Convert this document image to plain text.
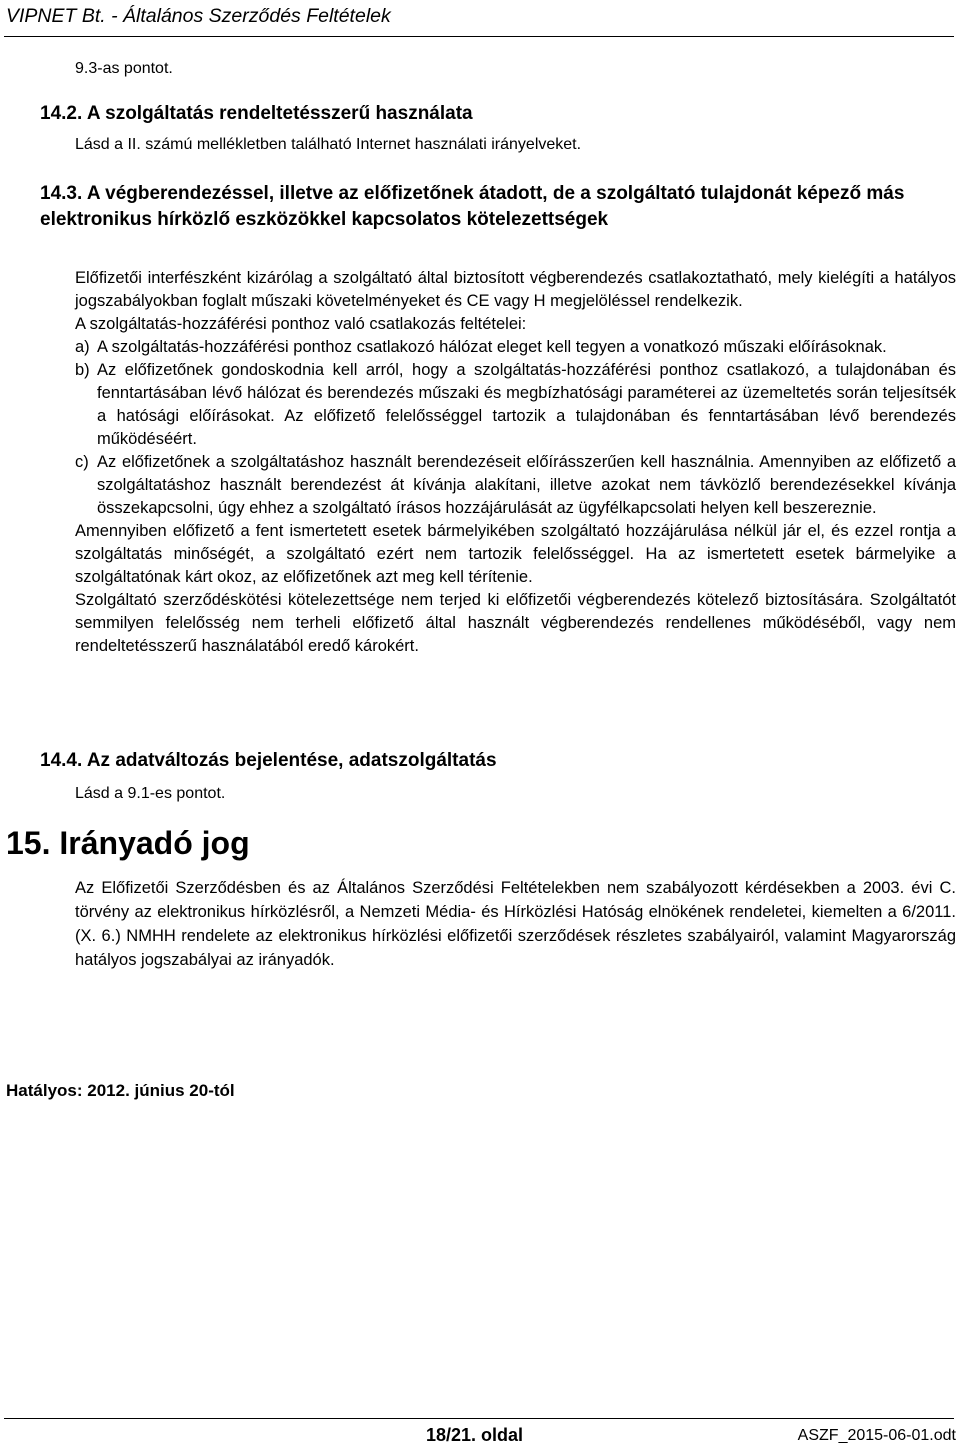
VIPNET Bt. - Általános Szerződés Feltételek
9.3-as pontot.
14.2. A szolgáltatás rendeltetésszerű használata
Lásd a II. számú mellékletben található Internet használati irányelveket.
14.3. A végberendezéssel, illetve az előfizetőnek átadott, de a szolgáltató tulajdonát képező más elektronikus hírközlő eszközökkel kapcsolatos kötelezettségek

Előfizetői interfészként kizárólag a szolgáltató által biztosított végberendezés csatlakoztatható, mely kielégíti a hatályos jogszabályokban foglalt műszaki követelményeket és CE vagy H megjelöléssel rendelkezik.

A szolgáltatás-hozzáférési ponthoz való csatlakozás feltételei:

a) A szolgáltatás-hozzáférési ponthoz csatlakozó hálózat eleget kell tegyen a vonatkozó műszaki előírásoknak.
b) Az előfizetőnek gondoskodnia kell arról, hogy a szolgáltatás-hozzáférési ponthoz csatlakozó, a tulajdonában és fenntartásában lévő hálózat és berendezés műszaki és megbízhatósági paraméterei az üzemeltetés során teljesítsék a hatósági előírásokat. Az előfizető felelősséggel tartozik a tulajdonában és fenntartásában lévő berendezés működéséért.
c) Az előfizetőnek a szolgáltatáshoz használt berendezéseit előírásszerűen kell használnia. Amennyiben az előfizető a szolgáltatáshoz használt berendezést át kívánja alakítani, illetve azokat nem távközlő berendezésekkel kívánja összekapcsolni, úgy ehhez a szolgáltató írásos hozzájárulását az ügyfélkapcsolati helyen kell beszereznie.

Amennyiben előfizető a fent ismertetett esetek bármelyikében szolgáltató hozzájárulása nélkül jár el, és ezzel rontja a szolgáltatás minőségét, a szolgáltató ezért nem tartozik felelősséggel. Ha az ismertetett esetek bármelyike a szolgáltatónak kárt okoz, az előfizetőnek azt meg kell térítenie.

Szolgáltató szerződéskötési kötelezettsége nem terjed ki előfizetői végberendezés kötelező biztosítására. Szolgáltatót semmilyen felelősség nem terheli előfizető által használt végberendezés rendellenes működéséből, vagy nem rendeltetésszerű használatából eredő károkért.

14.4. Az adatváltozás bejelentése, adatszolgáltatás
Lásd a 9.1-es pontot.
15. Irányadó jog

Az Előfizetői Szerződésben és az Általános Szerződési Feltételekben nem szabályozott kérdésekben a 2003. évi C. törvény az elektronikus hírközlésről, a Nemzeti Média- és Hírközlési Hatóság elnökének rendeletei, kiemelten a 6/2011. (X. 6.) NMHH rendelete az elektronikus hírközlési előfizetői szerződések részletes szabályairól, valamint Magyarország hatályos jogszabályai az irányadók.

Hatályos: 2012. június 20-tól
18/21. oldal	ASZF_2015-06-01.odt
